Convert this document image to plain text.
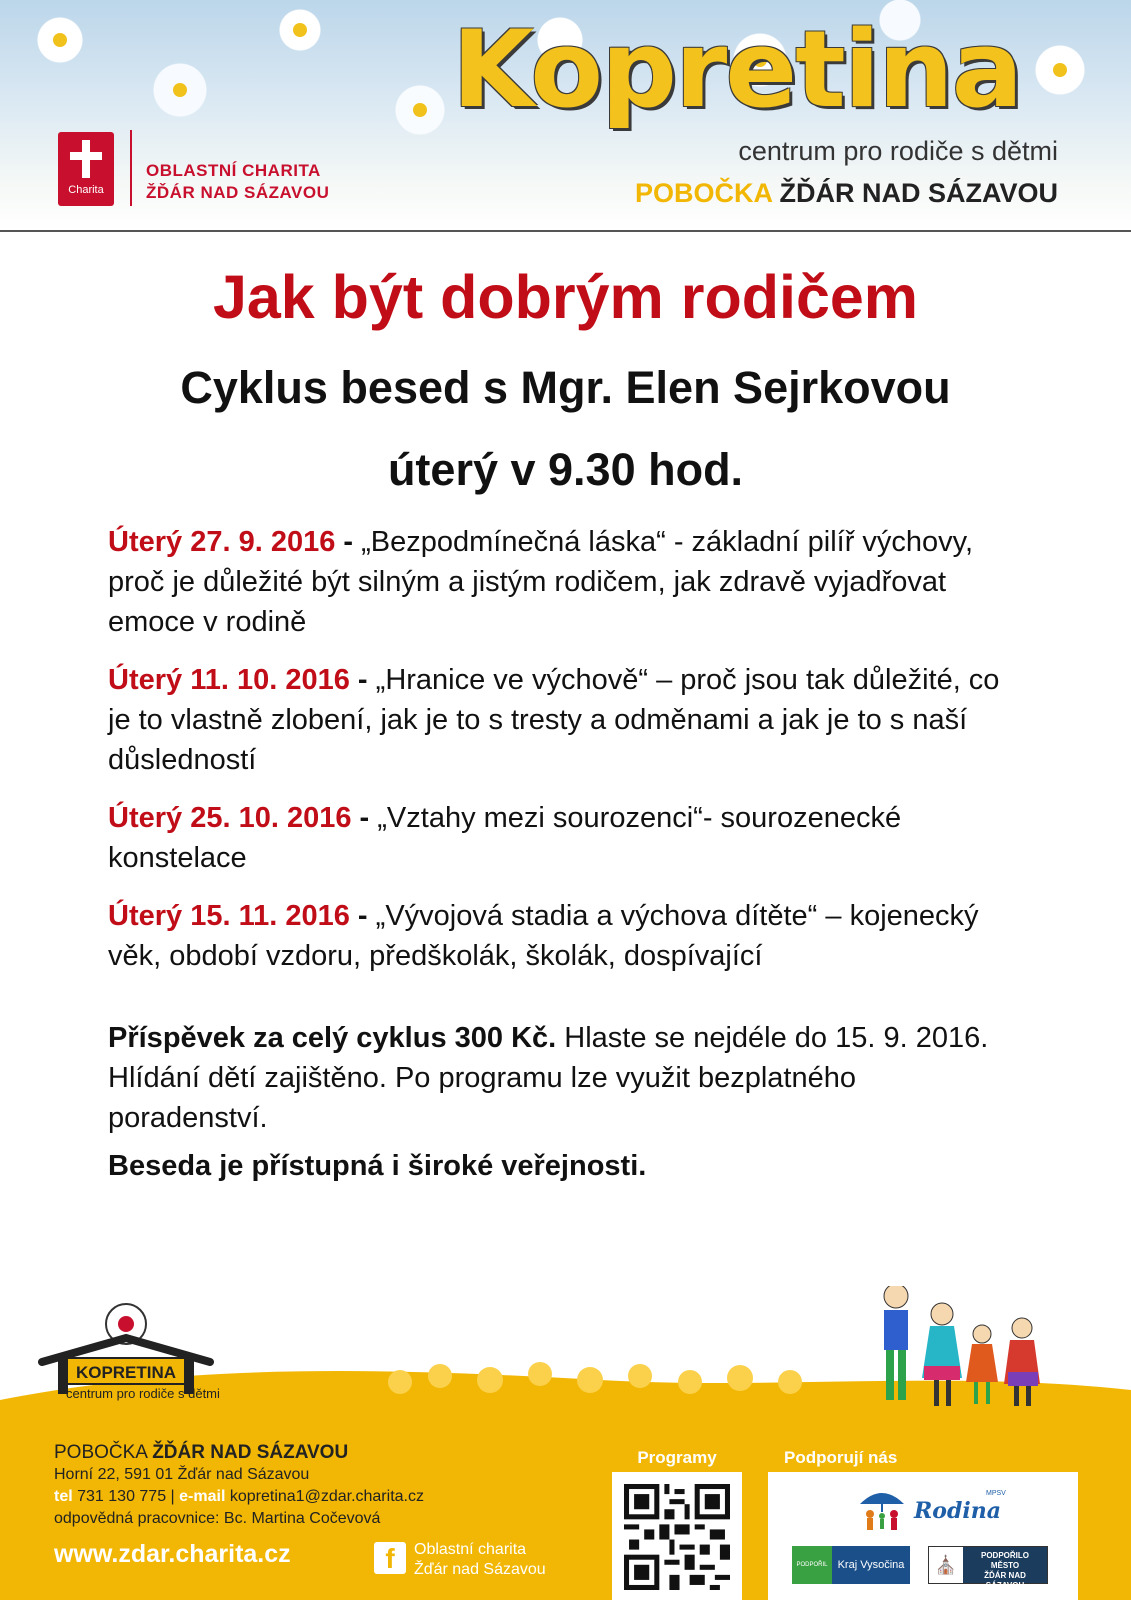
Charita
OBLASTNÍ CHARITA
ŽĎÁR NAD SÁZAVOU
Kopretina
centrum pro rodiče s dětmi
POBOČKA ŽĎÁR NAD SÁZAVOU
Jak být dobrým rodičem
Cyklus besed s Mgr. Elen Sejrkovou
úterý v 9.30 hod.

Úterý 27. 9. 2016 - „Bezpodmínečná láska“ - základní pilíř výchovy, proč je důležité být silným a jistým rodičem, jak zdravě vyjadřovat emoce v rodině

Úterý 11. 10. 2016 - „Hranice ve výchově“ – proč jsou tak důležité, co je to vlastně zlobení, jak je to s tresty a odměnami a jak je to s naší důsledností

Úterý 25. 10. 2016 - „Vztahy mezi sourozenci“- sourozenecké konstelace

Úterý 15. 11. 2016 - „Vývojová stadia a výchova dítěte“ – kojenecký věk, období vzdoru, předškolák, školák, dospívající

Příspěvek za celý cyklus 300 Kč. Hlaste se nejdéle do 15. 9. 2016. Hlídání dětí zajištěno. Po programu lze využit bezplatného poradenství.

Beseda je přístupná i široké veřejnosti.

KOPRETINA
centrum pro rodiče s dětmi
POBOČKA ŽĎÁR NAD SÁZAVOU
Horní 22, 591 01 Žďár nad Sázavou
tel 731 130 775 | e-mail kopretina1@zdar.charita.cz
odpovědná pracovnice: Bc. Martina Cočevová
www.zdar.charita.cz	f	Oblastní charita
Žďár nad Sázavou
Programy	Podporují nás
Rodina
MPSV
PODPOŘIL Kraj Vysočina	⛪	PODPOŘILO
MĚSTO
ŽĎÁR NAD SÁZAVOU
